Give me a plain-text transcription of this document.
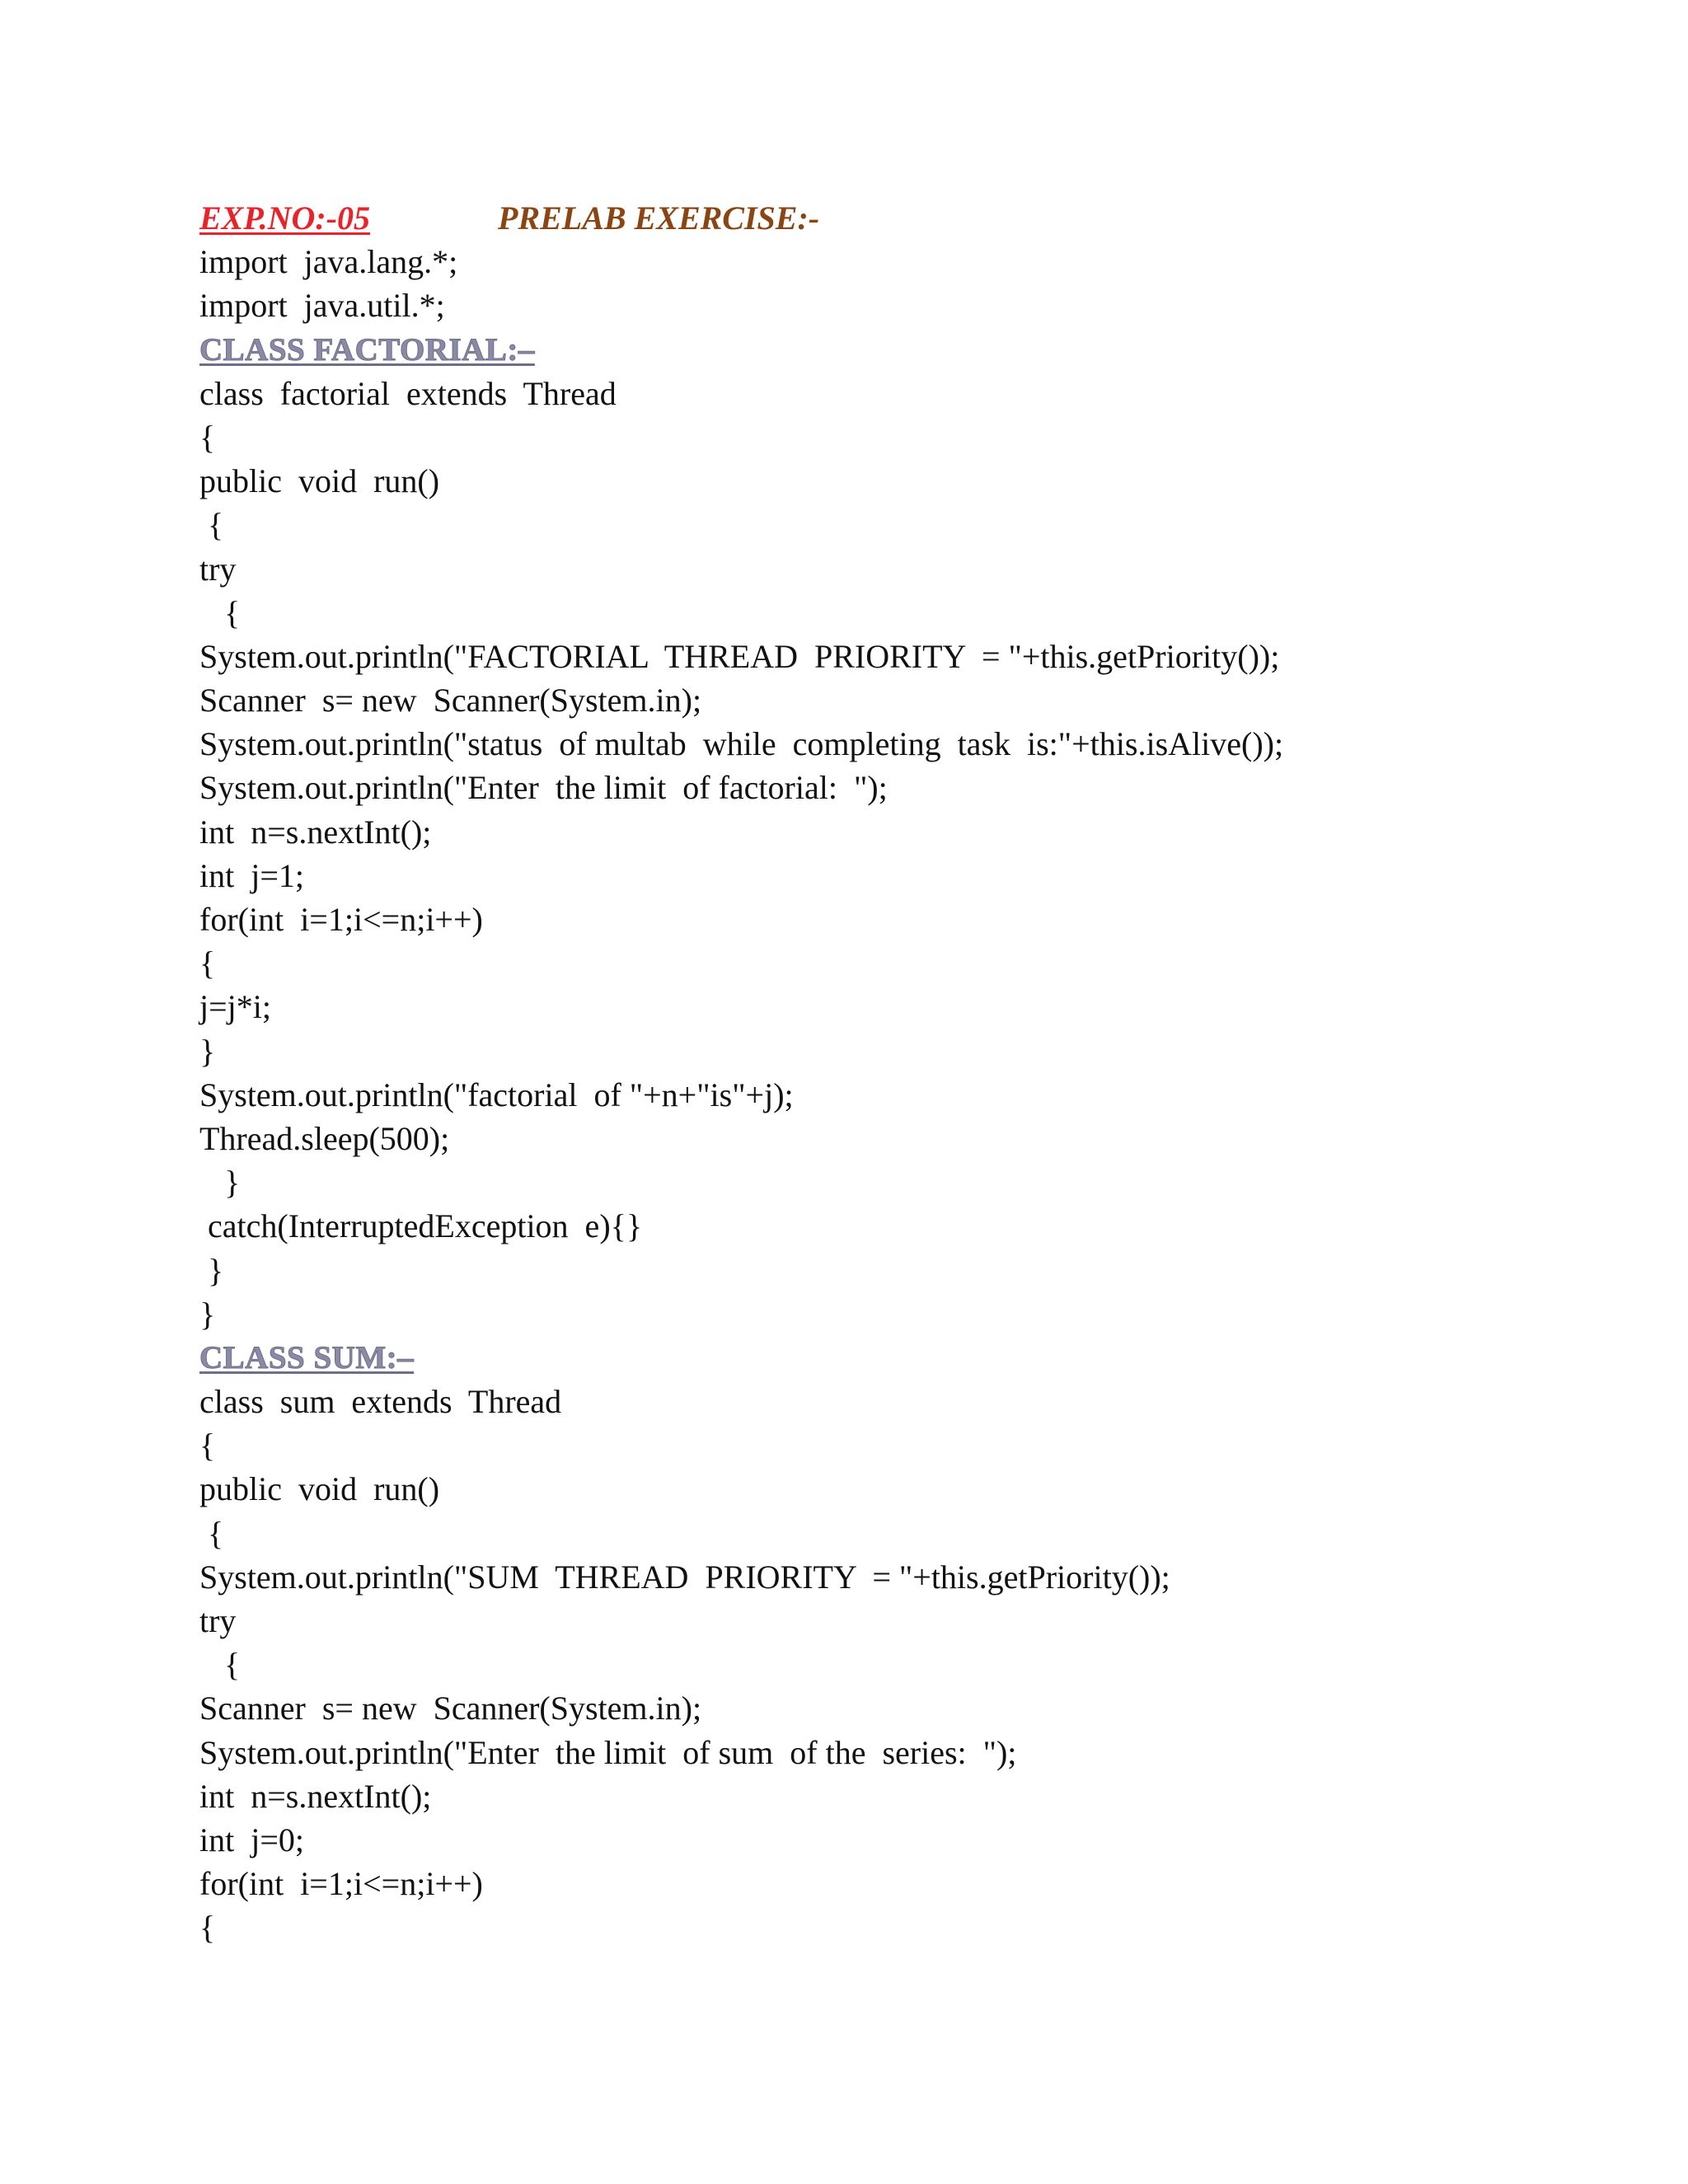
EXP.NO:-05	PRELAB EXERCISE:-
import  java.lang.*;
import  java.util.*;
CLASS FACTORIAL:–
class  factorial  extends  Thread
{
public  void  run()
{
try
{
System.out.println("FACTORIAL  THREAD  PRIORITY  = "+this.getPriority());
Scanner  s= new  Scanner(System.in);
System.out.println("status  of multab  while  completing  task  is:"+this.isAlive());
System.out.println("Enter  the limit  of factorial:  ");
int  n=s.nextInt();
int  j=1;
for(int  i=1;i<=n;i++)
{
j=j*i;
}
System.out.println("factorial  of "+n+"is"+j);
Thread.sleep(500);
}
catch(InterruptedException  e){}
}
}
CLASS SUM:–
class  sum  extends  Thread
{
public  void  run()
{
System.out.println("SUM  THREAD  PRIORITY  = "+this.getPriority());
try
{
Scanner  s= new  Scanner(System.in);
System.out.println("Enter  the limit  of sum  of the  series:  ");
int  n=s.nextInt();
int  j=0;
for(int  i=1;i<=n;i++)
{
